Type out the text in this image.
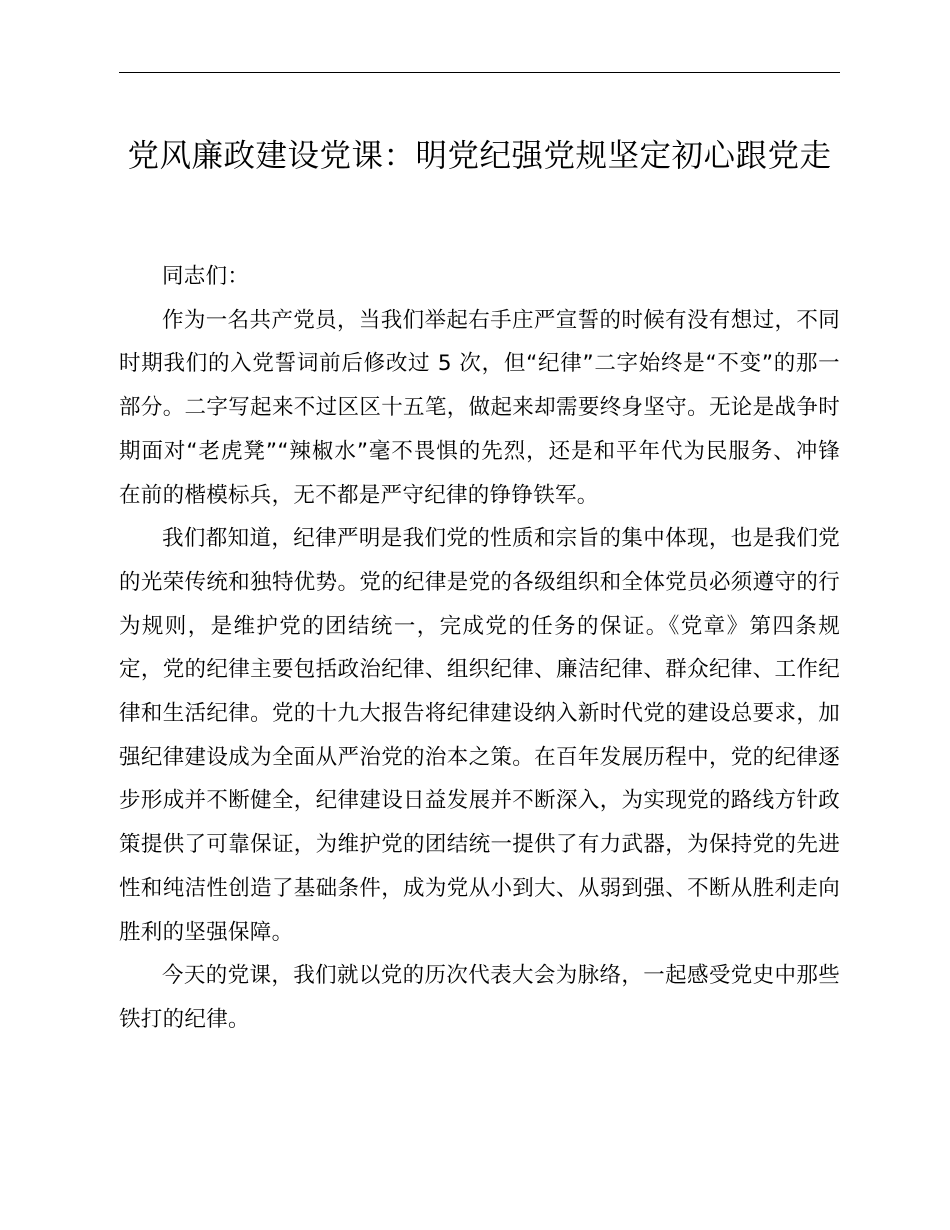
党风廉政建设党课：明党纪强党规坚定初心跟党走

同志们：

作为一名共产党员，当我们举起右手庄严宣誓的时候有没有想过，不同时期我们的入党誓词前后修改过 5 次，但“纪律”二字始终是“不变”的那一部分。二字写起来不过区区十五笔，做起来却需要终身坚守。无论是战争时期面对“老虎凳”“辣椒水”毫不畏惧的先烈，还是和平年代为民服务、冲锋在前的楷模标兵，无不都是严守纪律的铮铮铁军。

我们都知道，纪律严明是我们党的性质和宗旨的集中体现，也是我们党的光荣传统和独特优势。党的纪律是党的各级组织和全体党员必须遵守的行为规则，是维护党的团结统一，完成党的任务的保证。《党章》第四条规定，党的纪律主要包括政治纪律、组织纪律、廉洁纪律、群众纪律、工作纪律和生活纪律。党的十九大报告将纪律建设纳入新时代党的建设总要求，加强纪律建设成为全面从严治党的治本之策。在百年发展历程中，党的纪律逐步形成并不断健全，纪律建设日益发展并不断深入，为实现党的路线方针政策提供了可靠保证，为维护党的团结统一提供了有力武器，为保持党的先进性和纯洁性创造了基础条件，成为党从小到大、从弱到强、不断从胜利走向胜利的坚强保障。

今天的党课，我们就以党的历次代表大会为脉络，一起感受党史中那些铁打的纪律。
